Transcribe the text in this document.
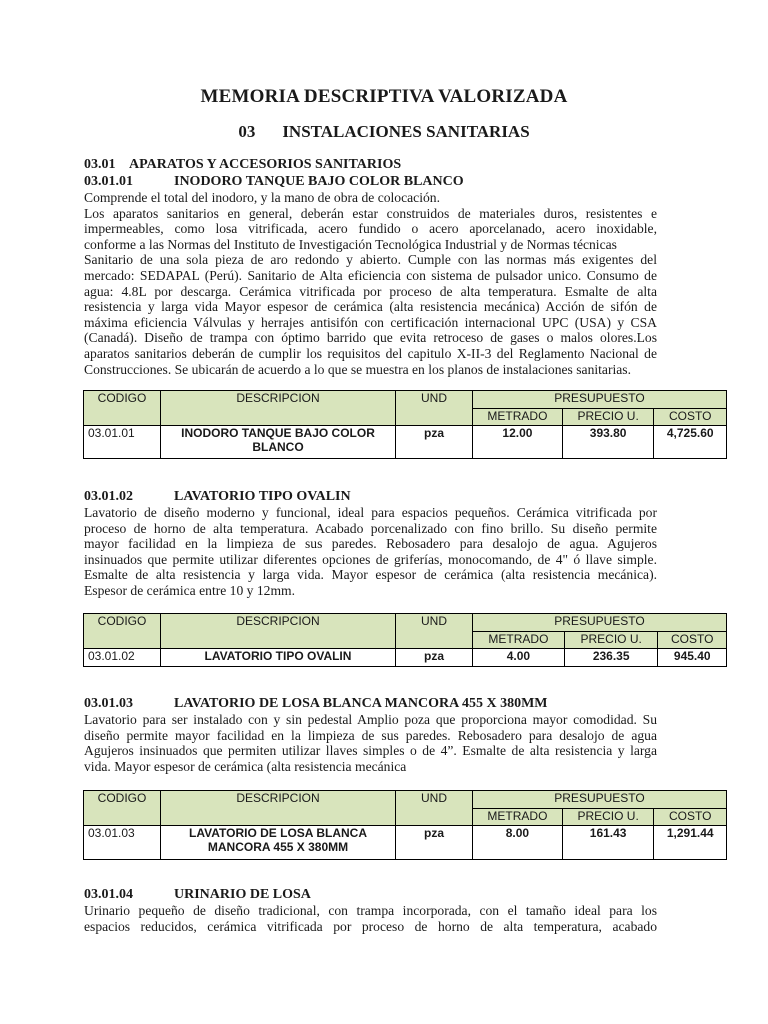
MEMORIA DESCRIPTIVA VALORIZADA
03 INSTALACIONES SANITARIAS
03.01 APARATOS Y ACCESORIOS SANITARIOS
03.01.01	INODORO TANQUE BAJO COLOR BLANCO
Comprende el total del inodoro, y la mano de obra de colocación.
Los aparatos sanitarios en general, deberán estar construidos de materiales duros, resistentes e
impermeables, como losa vitrificada, acero fundido o acero aporcelanado, acero inoxidable,
conforme a las Normas del Instituto de Investigación Tecnológica Industrial y de Normas técnicas
Sanitario de una sola pieza de aro redondo y abierto. Cumple con las normas más exigentes del
mercado: SEDAPAL (Perú). Sanitario de Alta eficiencia con sistema de pulsador unico. Consumo de
agua: 4.8L por descarga. Cerámica vitrificada por proceso de alta temperatura. Esmalte de alta
resistencia y larga vida Mayor espesor de cerámica (alta resistencia mecánica) Acción de sifón de
máxima eficiencia Válvulas y herrajes antisifón con certificación internacional UPC (USA) y CSA
(Canadá). Diseño de trampa con óptimo barrido que evita retroceso de gases o malos olores.Los
aparatos sanitarios deberán de cumplir los requisitos del capitulo X-II-3 del Reglamento Nacional de
Construcciones. Se ubicarán de acuerdo a lo que se muestra en los planos de instalaciones sanitarias.
CODIGO	DESCRIPCION	UND	PRESUPUESTO		
			METRADO	PRECIO U.	COSTO
03.01.01	INODORO TANQUE BAJO COLOR BLANCO	pza	12.00	393.80	4,725.60
03.01.02	LAVATORIO TIPO OVALIN
Lavatorio de diseño moderno y funcional, ideal para espacios pequeños. Cerámica vitrificada por
proceso de horno de alta temperatura. Acabado porcenalizado con fino brillo. Su diseño permite
mayor facilidad en la limpieza de sus paredes. Rebosadero para desalojo de agua. Agujeros
insinuados que permite utilizar diferentes opciones de griferías, monocomando, de 4" ó llave simple.
Esmalte de alta resistencia y larga vida. Mayor espesor de cerámica (alta resistencia mecánica).
Espesor de cerámica entre 10 y 12mm.
CODIGO	DESCRIPCION	UND	PRESUPUESTO		
			METRADO	PRECIO U.	COSTO
03.01.02	LAVATORIO TIPO OVALIN	pza	4.00	236.35	945.40
03.01.03	LAVATORIO DE LOSA BLANCA MANCORA 455 X 380MM
Lavatorio para ser instalado con y sin pedestal Amplio poza que proporciona mayor comodidad. Su
diseño permite mayor facilidad en la limpieza de sus paredes. Rebosadero para desalojo de agua
Agujeros insinuados que permiten utilizar llaves simples o de 4”. Esmalte de alta resistencia y larga
vida. Mayor espesor de cerámica (alta resistencia mecánica
CODIGO	DESCRIPCION	UND	PRESUPUESTO		
			METRADO	PRECIO U.	COSTO
03.01.03	LAVATORIO DE LOSA BLANCA MANCORA 455 X 380MM	pza	8.00	161.43	1,291.44
03.01.04	URINARIO DE LOSA
Urinario pequeño de diseño tradicional, con trampa incorporada, con el tamaño ideal para los
espacios reducidos, cerámica vitrificada por proceso de horno de alta temperatura, acabado
